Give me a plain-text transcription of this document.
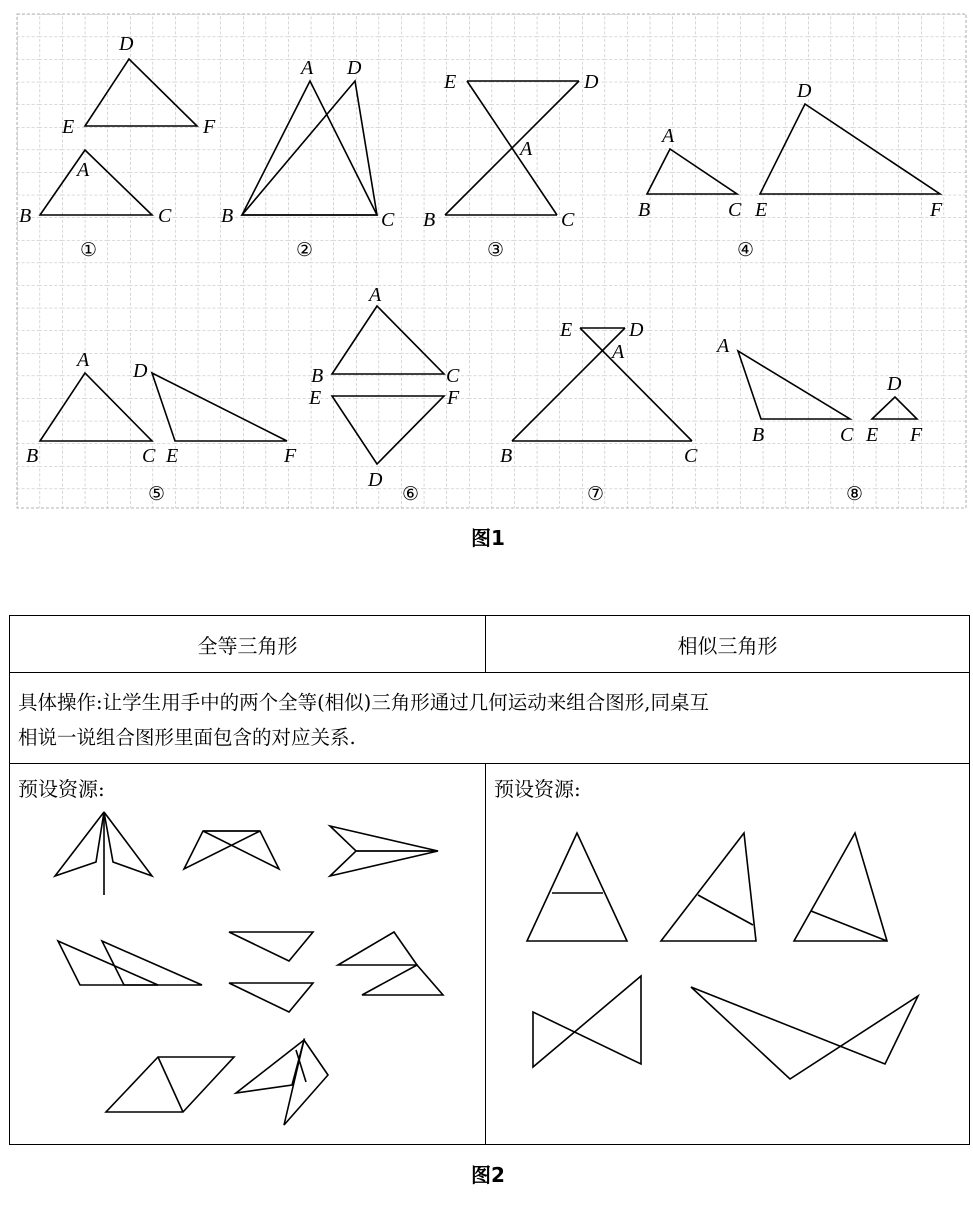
D
E	F
A
B	C
A D
B	C
E	D
A
B	C
A
B	C
D
E	F
A
B	C
D
E	F
A
B	C
E	F
D
E	D
A
B	C
A
B	C
D
E F
①	②	③	④
⑤	⑥	⑦	⑧
图1
全等三角形	相似三角形
具体操作:让学生用手中的两个全等(相似)三角形通过几何运动来组合图形,同桌互
相说一说组合图形里面包含的对应关系.
预设资源:	预设资源:
图2
